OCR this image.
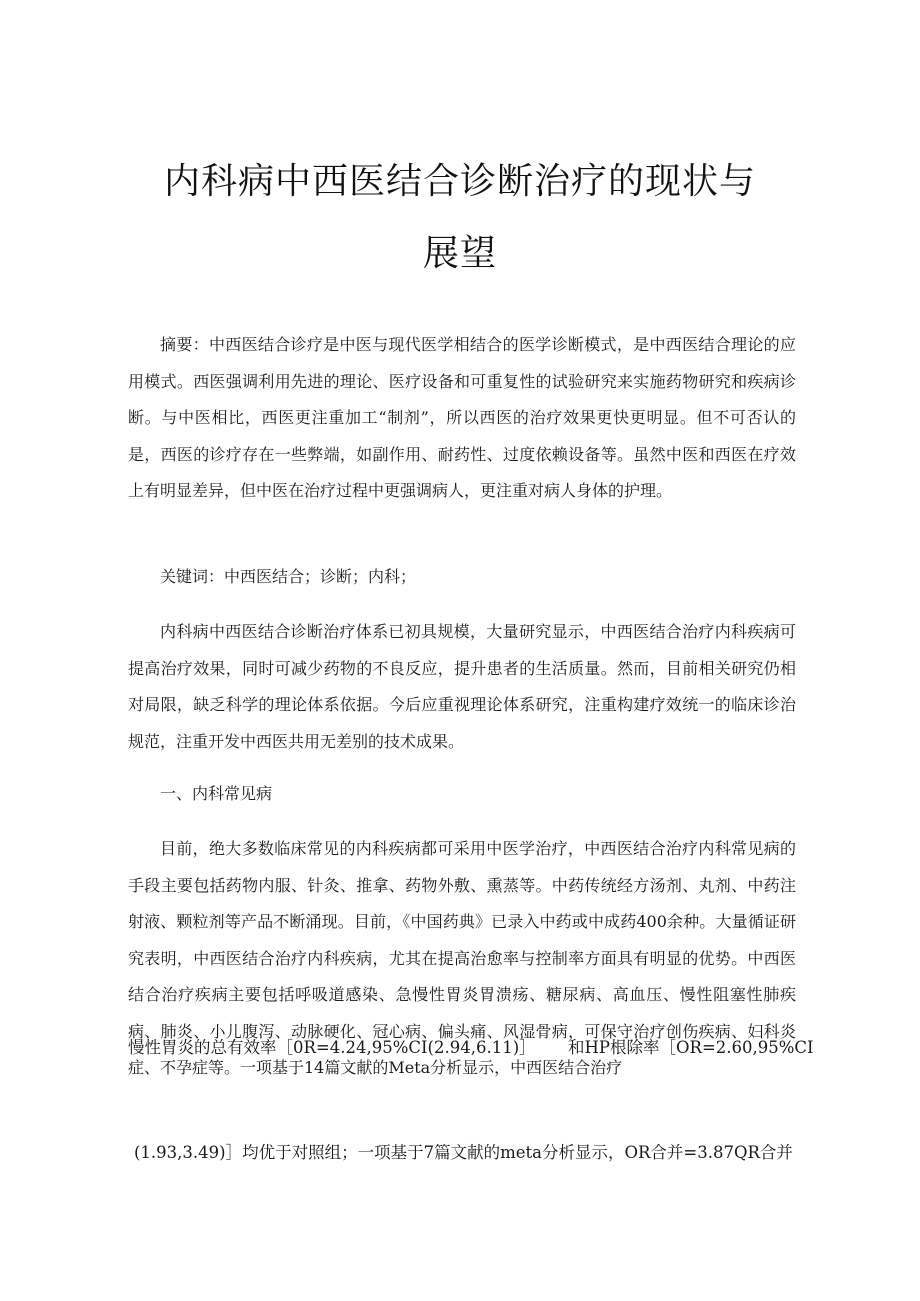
内科病中西医结合诊断治疗的现状与
展望

摘要：中西医结合诊疗是中医与现代医学相结合的医学诊断模式，是中西医结合理论的应用模式。西医强调利用先进的理论、医疗设备和可重复性的试验研究来实施药物研究和疾病诊断。与中医相比，西医更注重加工“制剂”，所以西医的治疗效果更快更明显。但不可否认的是，西医的诊疗存在一些弊端，如副作用、耐药性、过度依赖设备等。虽然中医和西医在疗效上有明显差异，但中医在治疗过程中更强调病人，更注重对病人身体的护理。

关键词：中西医结合；诊断；内科；

内科病中西医结合诊断治疗体系已初具规模，大量研究显示，中西医结合治疗内科疾病可提高治疗效果，同时可减少药物的不良反应，提升患者的生活质量。然而，目前相关研究仍相对局限，缺乏科学的理论体系依据。今后应重视理论体系研究，注重构建疗效统一的临床诊治规范，注重开发中西医共用无差别的技术成果。

一、内科常见病

目前，绝大多数临床常见的内科疾病都可采用中医学治疗，中西医结合治疗内科常见病的手段主要包括药物内服、针灸、推拿、药物外敷、熏蒸等。中药传统经方汤剂、丸剂、中药注射液、颗粒剂等产品不断涌现。目前，《中国药典》已录入中药或中成药400余种。大量循证研究表明，中西医结合治疗内科疾病，尤其在提高治愈率与控制率方面具有明显的优势。中西医结合治疗疾病主要包括呼吸道感染、急慢性胃炎胃溃疡、糖尿病、高血压、慢性阻塞性肺疾病、肺炎、小儿腹泻、动脉硬化、冠心病、偏头痛、风湿骨病，可保守治疗创伤疾病、妇科炎症、不孕症等。一项基于14篇文献的Meta分析显示，中西医结合治疗

慢性胃炎的总有效率［0R=4.24,95%CI(2.94,6.11)］ 和HP根除率［OR=2.60,95%CI

(1.93,3.49)］均优于对照组；一项基于7篇文献的meta分析显示，OR合并=3.87QR合并
